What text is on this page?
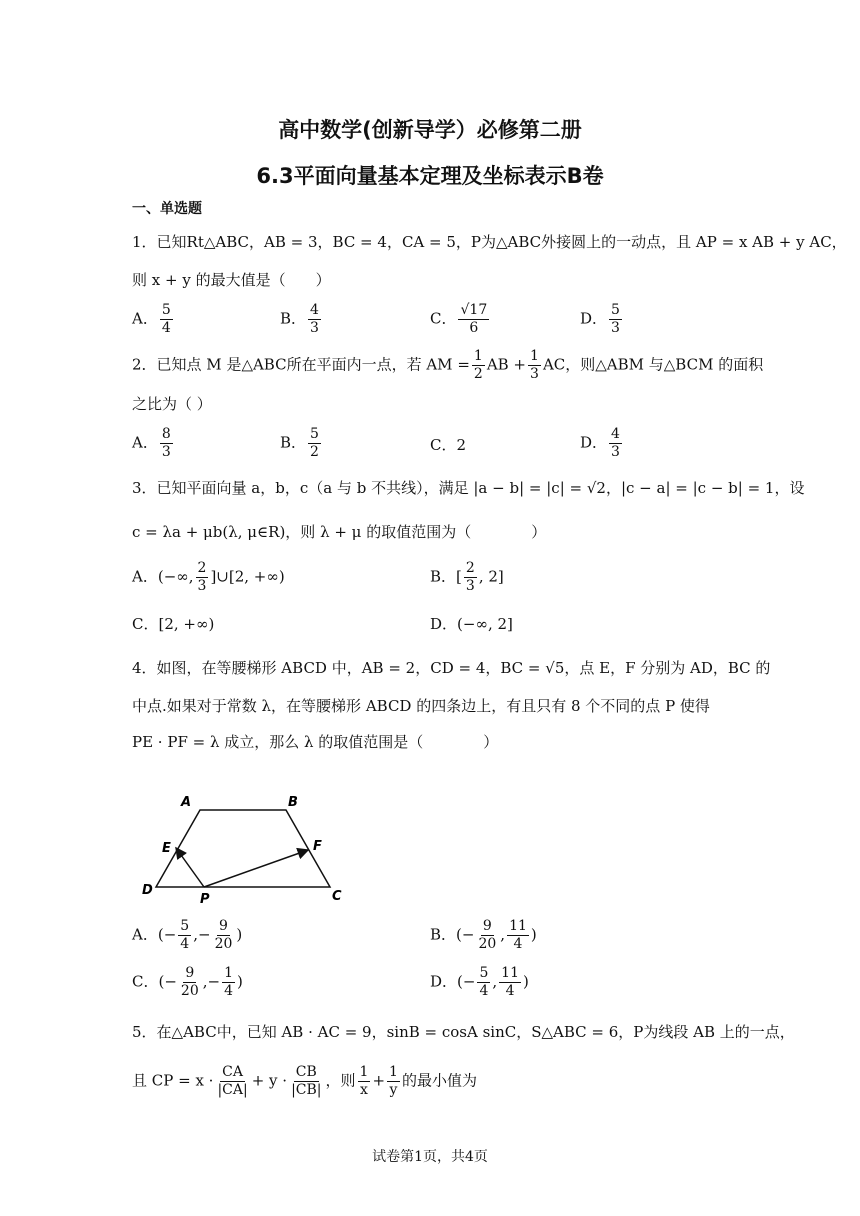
高中数学(创新导学）必修第二册
6.3平面向量基本定理及坐标表示B卷
一、单选题
1．已知Rt△ABC，AB = 3，BC = 4，CA = 5，P为△ABC外接圆上的一动点，且 AP = x AB + y AC，
则 x + y 的最大值是（　　）
A． $\frac{5}{4}$	B． $\frac{4}{3}$	C． $\frac{√17}{6}$	D． $\frac{5}{3}$
2．已知点 M 是△ABC所在平面内一点，若 AM = $\frac{1}{2}$ AB + $\frac{1}{3}$ AC，则△ABM 与△BCM 的面积
之比为（ ）
A． $\frac{8}{3}$	B． $\frac{5}{2}$	C．2	D． $\frac{4}{3}$
3．已知平面向量 a，b，c（a 与 b 不共线），满足 |a − b| = |c| = √2，|c − a| = |c − b| = 1，设
c = λa + μb(λ, μ∈R)，则 λ + μ 的取值范围为（　　　　）
A．(−∞, $\frac{2}{3}$ ]∪[2, +∞)	B．[ $\frac{2}{3}$ , 2]
C．[2, +∞)	D．(−∞, 2]
4．如图，在等腰梯形 ABCD 中，AB = 2，CD = 4，BC = √5，点 E，F 分别为 AD，BC 的
中点.如果对于常数 λ，在等腰梯形 ABCD 的四条边上，有且只有 8 个不同的点 P 使得
PE · PF = λ 成立，那么 λ 的取值范围是（　　　　）
A	B
E	F
D
P	C
A．(− $\frac{5}{4}$ ,− $\frac{9}{20}$ )	B．(− $\frac{9}{20}$ , $\frac{11}{4}$ )
C．(− $\frac{9}{20}$ ,− $\frac{1}{4}$ )	D．(− $\frac{5}{4}$ , $\frac{11}{4}$ )
5．在△ABC中，已知 AB · AC = 9，sinB = cosA sinC，S△ABC = 6，P为线段 AB 上的一点，
且 CP = $x \cdot \frac{CA}{|CA|} + y \cdot \frac{CB}{|CB|}$ ，则 $\frac{1}{x} + \frac{1}{y}$ 的最小值为
试卷第1页，共4页
